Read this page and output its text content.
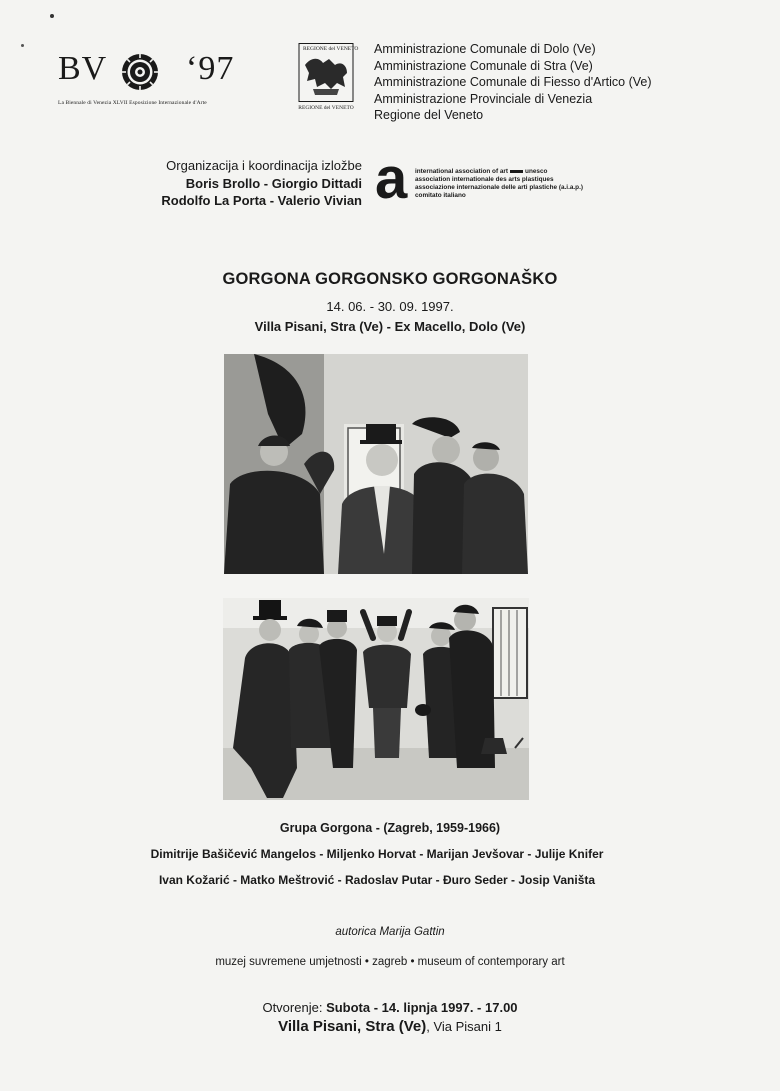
BV ‘97
La Biennale di Venezia XLVII Esposizione Internazionale d'Arte
REGIONE del VENETO
REGIONE del VENETO
Amministrazione Comunale di Dolo (Ve)
Amministrazione Comunale di Stra (Ve)
Amministrazione Comunale di Fiesso d'Artico (Ve)
Amministrazione Provinciale di Venezia
Regione del Veneto
Organizacija i koordinacija izložbe
Boris Brollo - Giorgio Dittadi
Rodolfo La Porta - Valerio Vivian a international association of art	unesco
association internationale des arts plastiques
associazione internazionale delle arti plastiche (a.i.a.p.)
comitato italiano
GORGONA GORGONSKO GORGONAŠKO
14. 06. - 30. 09. 1997.
Villa Pisani, Stra (Ve) - Ex Macello, Dolo (Ve)
Grupa Gorgona - (Zagreb, 1959-1966)
Dimitrije Bašičević Mangelos - Miljenko Horvat - Marijan Jevšovar - Julije Knifer
Ivan Kožarić - Matko Meštrović - Radoslav Putar - Đuro Seder - Josip Vaništa
autorica Marija Gattin
muzej suvremene umjetnosti • zagreb • museum of contemporary art
Otvorenje: Subota - 14. lipnja 1997. - 17.00
Villa Pisani, Stra (Ve), Via Pisani 1
